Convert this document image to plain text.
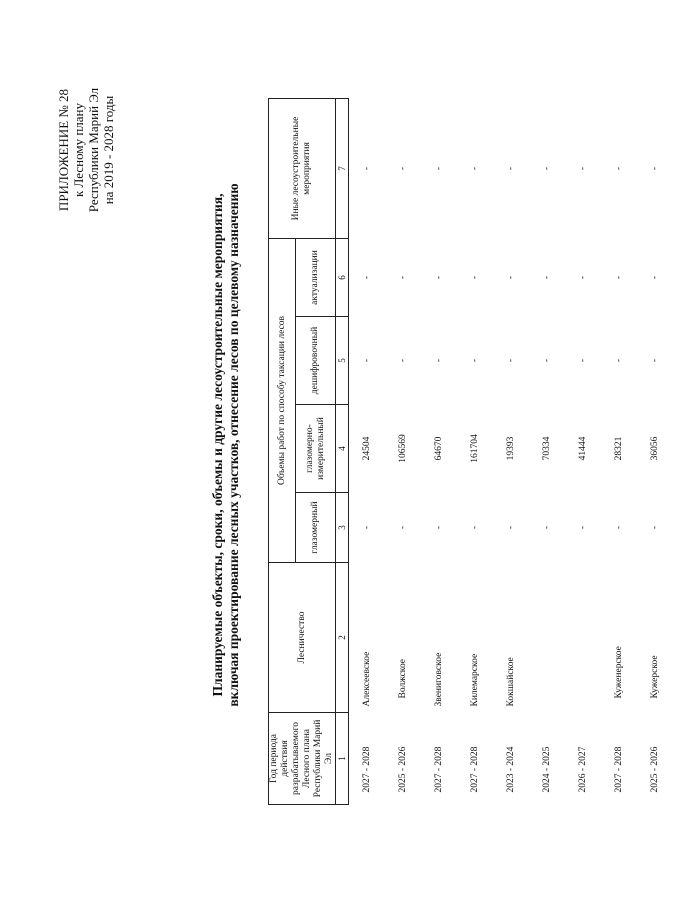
ПРИЛОЖЕНИЕ № 28 к Лесному плану Республики Марий Эл на 2019 - 2028 годы
Планируемые объекты, сроки, объемы и другие лесоустроительные мероприятия, включая проектирование лесных участков, отнесение лесов по целевому назначению
Год периода действия разрабатываемого Лесного плана Республики Марий Эл	Лесничество	Объемы работ по способу таксации лесов				Иные лесоустроительные мероприятия
		глазомерный	глазомерно-измерительный	дешифровочный	актуализации	
1	2	3	4	5	6	7
2027 - 2028	Алексеевское	-	24504	-	-	-
2025 - 2026	Волжское	-	106569	-	-	-
2027 - 2028	Звениговское	-	64670	-	-	-
2027 - 2028	Килемарское	-	161704	-	-	-
2023 - 2024	Кокшайское	-	19393	-	-	-
2024 - 2025		-	70334	-	-	-
2026 - 2027		-	41444	-	-	-
2027 - 2028	Куженерское	-	28321	-	-	-
2025 - 2026	Кужерское	-	36056	-	-	-
